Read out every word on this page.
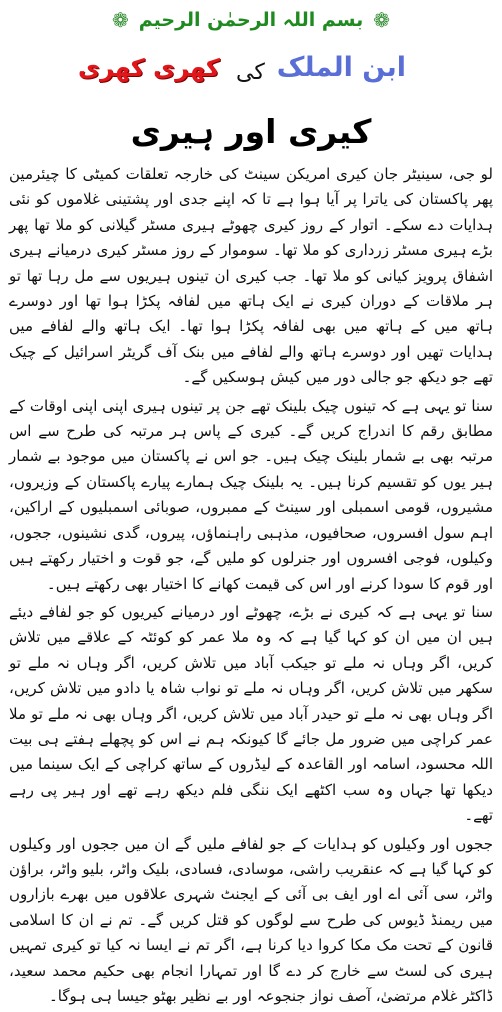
❁ بسم اللہ الرحمٰن الرحیم ❁
ابن الملک
کی
کھری کھری
کیری اور ہیری

لو جی، سینیٹر جان کیری امریکن سینٹ کی خارجہ تعلقات کمیٹی کا چیئرمین پھر پاکستان کی یاترا پر آیا ہوا ہے تا کہ اپنے جدی اور پشتینی غلاموں کو نئی ہدایات دے سکے۔ اتوار کے روز کیری چھوٹے ہیری مسٹر گیلانی کو ملا تھا پھر بڑے ہیری مسٹر زرداری کو ملا تھا۔ سوموار کے روز مسٹر کیری درمیانے ہیری اشفاق پرویز کیانی کو ملا تھا۔ جب کیری ان تینوں ہیریوں سے مل رہا تھا تو ہر ملاقات کے دوران کیری نے ایک ہاتھ میں لفافہ پکڑا ہوا تھا اور دوسرے ہاتھ میں کے ہاتھ میں بھی لفافہ پکڑا ہوا تھا۔ ایک ہاتھ والے لفافے میں ہدایات تھیں اور دوسرے ہاتھ والے لفافے میں بنک آف گریٹر اسرائیل کے چیک تھے جو دیکھ جو جالی دور میں کیش ہوسکیں گے۔

سنا تو یہی ہے کہ تینوں چیک بلینک تھے جن پر تینوں ہیری اپنی اپنی اوقات کے مطابق رقم کا اندراج کریں گے۔ کیری کے پاس ہر مرتبہ کی طرح سے اس مرتبہ بھی بے شمار بلینک چیک ہیں۔ جو اس نے پاکستان میں موجود بے شمار ہیر یوں کو تقسیم کرنا ہیں۔ یہ بلینک چیک ہمارے پیارے پاکستان کے وزیروں، مشیروں، قومی اسمبلی اور سینٹ کے ممبروں، صوبائی اسمبلیوں کے اراکین، اہم سول افسروں، صحافیوں، مذہبی راہنماؤں، پیروں، گدی نشینوں، ججوں، وکیلوں، فوجی افسروں اور جنرلوں کو ملیں گے، جو قوت و اختیار رکھتے ہیں اور قوم کا سودا کرنے اور اس کی قیمت کھانے کا اختیار بھی رکھتے ہیں۔

سنا تو یہی ہے کہ کیری نے بڑے، چھوٹے اور درمیانے کیریوں کو جو لفافے دیئے ہیں ان میں ان کو کہا گیا ہے کہ وہ ملا عمر کو کوئٹہ کے علاقے میں تلاش کریں، اگر وہاں نہ ملے تو جیکب آباد میں تلاش کریں، اگر وہاں نہ ملے تو سکھر میں تلاش کریں، اگر وہاں نہ ملے تو نواب شاہ یا دادو میں تلاش کریں، اگر وہاں بھی نہ ملے تو حیدر آباد میں تلاش کریں، اگر وہاں بھی نہ ملے تو ملا عمر کراچی میں ضرور مل جائے گا کیونکہ ہم نے اس کو پچھلے ہفتے ہی بیت اللہ محسود، اسامہ اور القاعدہ کے لیڈروں کے ساتھ کراچی کے ایک سینما میں دیکھا تھا جہاں وہ سب اکٹھے ایک ننگی فلم دیکھ رہے تھے اور ہیر پی رہے تھے۔

ججوں اور وکیلوں کو ہدایات کے جو لفافے ملیں گے ان میں ججوں اور وکیلوں کو کہا گیا ہے کہ عنقریب راشی، موسادی، فسادی، بلیک واٹر، بلیو واٹر، براؤن واٹر، سی آئی اے اور ایف بی آئی کے ایجنٹ شہری علاقوں میں بھرے بازاروں میں ریمنڈ ڈیوس کی طرح سے لوگوں کو قتل کریں گے۔ تم نے ان کا اسلامی قانون کے تحت مک مکا کروا دیا کرنا ہے، اگر تم نے ایسا نہ کیا تو کیری تمہیں ہیری کی لسٹ سے خارج کر دے گا اور تمہارا انجام بھی حکیم محمد سعید، ڈاکٹر غلام مرتضیٰ، آصف نواز جنجوعہ اور بے نظیر بھٹو جیسا ہی ہوگا۔
